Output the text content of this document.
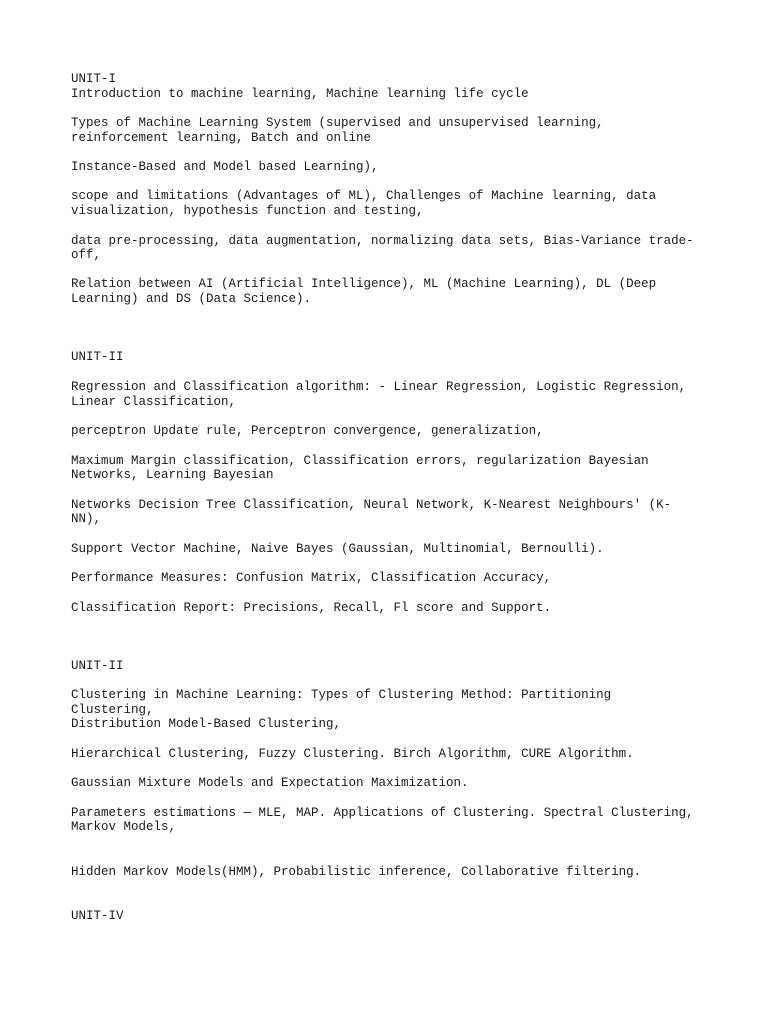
UNIT-I

Introduction to machine learning, Machine learning life cycle

Types of Machine Learning System (supervised and unsupervised learning,

reinforcement learning, Batch and online

Instance-Based and Model based Learning),

scope and limitations (Advantages of ML), Challenges of Machine learning, data

visualization, hypothesis function and testing,

data pre-processing, data augmentation, normalizing data sets, Bias-Variance trade-

off,

Relation between AI (Artificial Intelligence), ML (Machine Learning), DL (Deep

Learning) and DS (Data Science).

UNIT-II

Regression and Classification algorithm: - Linear Regression, Logistic Regression,

Linear Classification,

perceptron Update rule, Perceptron convergence, generalization,

Maximum Margin classification, Classification errors, regularization Bayesian

Networks, Learning Bayesian

Networks Decision Tree Classification, Neural Network, K-Nearest Neighbours' (K-

NN),

Support Vector Machine, Naive Bayes (Gaussian, Multinomial, Bernoulli).

Performance Measures: Confusion Matrix, Classification Accuracy,

Classification Report: Precisions, Recall, Fl score and Support.

UNIT-II

Clustering in Machine Learning: Types of Clustering Method: Partitioning

Clustering,

Distribution Model-Based Clustering,

Hierarchical Clustering, Fuzzy Clustering. Birch Algorithm, CURE Algorithm.

Gaussian Mixture Models and Expectation Maximization.

Parameters estimations — MLE, MAP. Applications of Clustering. Spectral Clustering,

Markov Models,

Hidden Markov Models(HMM), Probabilistic inference, Collaborative filtering.

UNIT-IV
